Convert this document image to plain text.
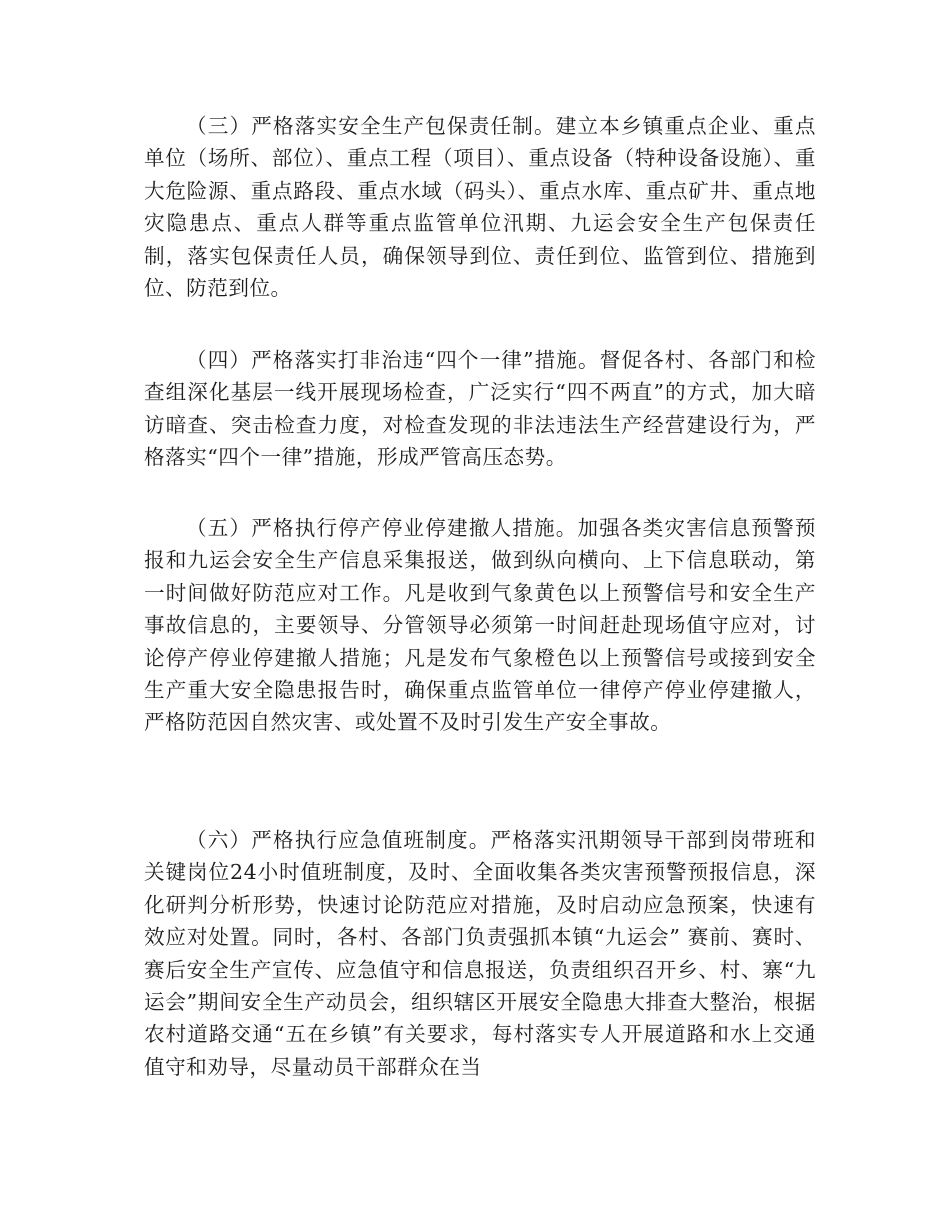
（三）严格落实安全生产包保责任制。建立本乡镇重点企业、重点单位（场所、部位）、重点工程（项目）、重点设备（特种设备设施）、重大危险源、重点路段、重点水域（码头）、重点水库、重点矿井、重点地灾隐患点、重点人群等重点监管单位汛期、九运会安全生产包保责任制，落实包保责任人员，确保领导到位、责任到位、监管到位、措施到位、防范到位。

（四）严格落实打非治违“四个一律”措施。督促各村、各部门和检查组深化基层一线开展现场检查，广泛实行“四不两直”的方式，加大暗访暗查、突击检查力度，对检查发现的非法违法生产经营建设行为，严格落实“四个一律”措施，形成严管高压态势。

（五）严格执行停产停业停建撤人措施。加强各类灾害信息预警预报和九运会安全生产信息采集报送，做到纵向横向、上下信息联动，第一时间做好防范应对工作。凡是收到气象黄色以上预警信号和安全生产事故信息的，主要领导、分管领导必须第一时间赶赴现场值守应对，讨论停产停业停建撤人措施；凡是发布气象橙色以上预警信号或接到安全生产重大安全隐患报告时，确保重点监管单位一律停产停业停建撤人，严格防范因自然灾害、或处置不及时引发生产安全事故。

（六）严格执行应急值班制度。严格落实汛期领导干部到岗带班和关键岗位24小时值班制度，及时、全面收集各类灾害预警预报信息，深化研判分析形势，快速讨论防范应对措施，及时启动应急预案，快速有效应对处置。同时，各村、各部门负责强抓本镇“九运会” 赛前、赛时、赛后安全生产宣传、应急值守和信息报送，负责组织召开乡、村、寨“九运会”期间安全生产动员会，组织辖区开展安全隐患大排查大整治，根据农村道路交通“五在乡镇”有关要求，每村落实专人开展道路和水上交通值守和劝导，尽量动员干部群众在当
